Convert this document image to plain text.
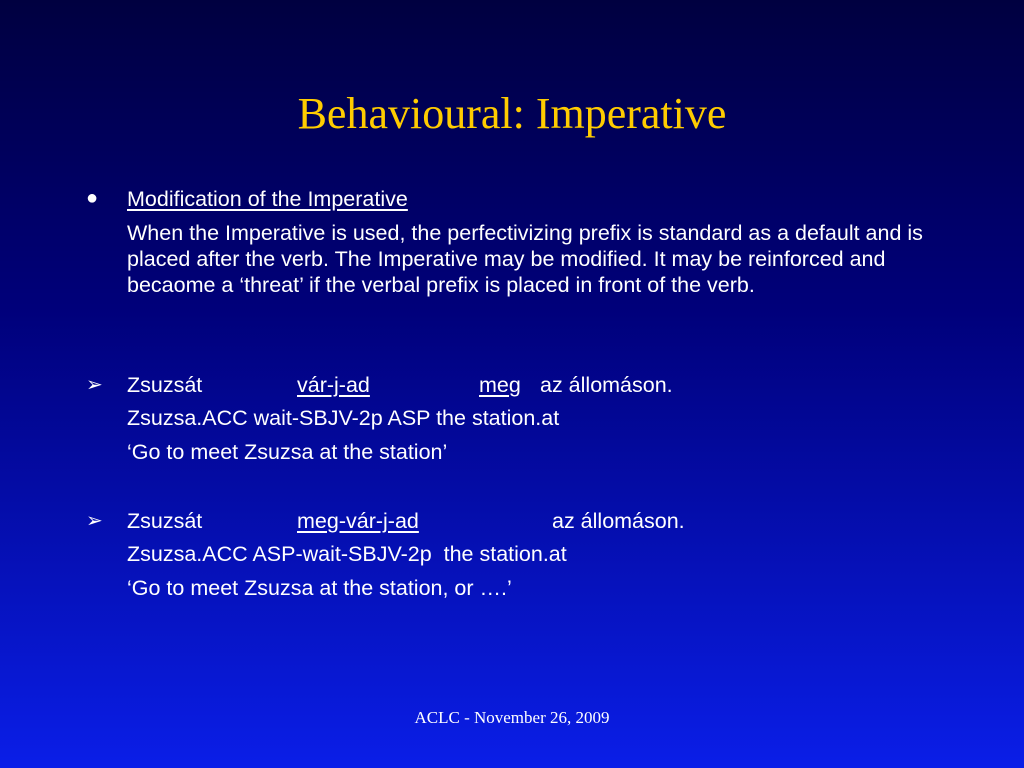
Behavioural: Imperative
● Modification of the Imperative
When the Imperative is used, the perfectivizing prefix is standard as a default and is placed after the verb. The Imperative may be modified. It may be reinforced and becaome a ‘threat’ if the verbal prefix is placed in front of the verb.
➢ Zsuzsát	vár-j-ad	meg az állomáson.
Zsuzsa.ACC wait-SBJV-2p ASP the station.at
‘Go to meet Zsuzsa at the station’
➢ Zsuzsát	meg-vár-j-ad	az állomáson.
Zsuzsa.ACC ASP-wait-SBJV-2p  the station.at
‘Go to meet Zsuzsa at the station, or ….’
ACLC - November 26, 2009
